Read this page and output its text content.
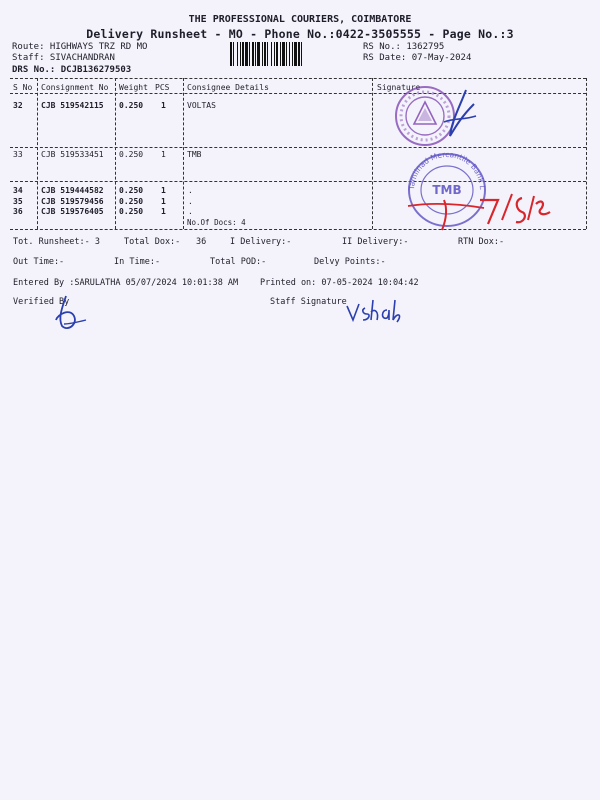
THE PROFESSIONAL COURIERS, COIMBATORE
Delivery Runsheet - MO - Phone No.:0422-3505555 - Page No.:3
Route: HIGHWAYS TRZ RD MO
Staff: SIVACHANDRAN
DRS No.: DCJB136279503
RS No.: 1362795
RS Date: 07-May-2024
S No Consignment No Weight PCS Consignee Details	Signature
32 CJB 519542115 0.250 1	VOLTAS
33 CJB 519533451 0.250 1	TMB
34 CJB 519444582 0.250 1	.
35 CJB 519579456 0.250 1	.
36 CJB 519576405 0.250 1	.
No.Of Docs: 4
Tot. Runsheet:- 3	Total Dox:- 36	I Delivery:-	II Delivery:-	RTN Dox:-
Out Time:-	In Time:-	Total POD:-	Delvy Points:-
Entered By :SARULATHA 05/07/2024 10:01:38 AM	Printed on: 07-05-2024 10:04:42
Verified By	Staff Signature
Tamilnad Mercantile Bank Ltd
TMB
